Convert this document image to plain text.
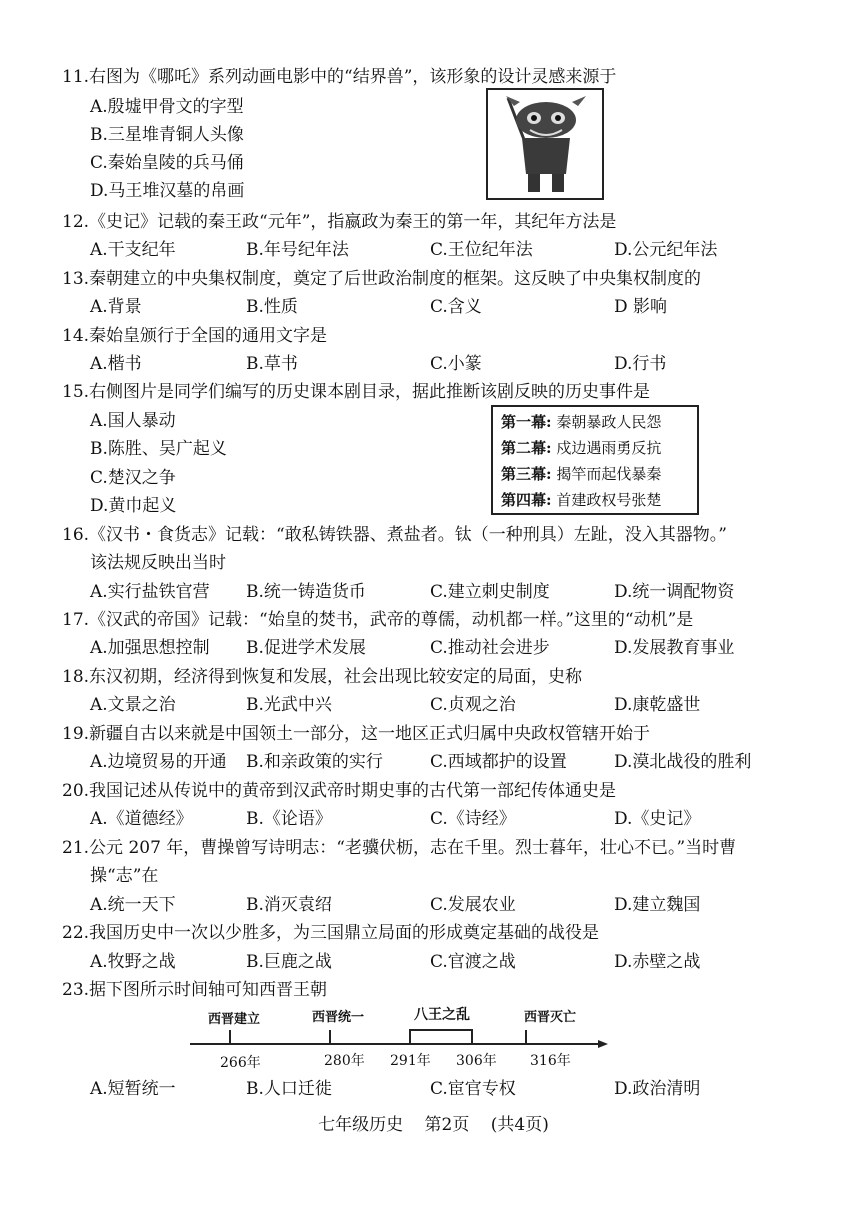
11.右图为《哪吒》系列动画电影中的“结界兽”，该形象的设计灵感来源于
A.殷墟甲骨文的字型
B.三星堆青铜人头像
C.秦始皇陵的兵马俑
D.马王堆汉墓的帛画
12.《史记》记载的秦王政“元年”，指嬴政为秦王的第一年，其纪年方法是
A.干支纪年	B.年号纪年法	C.王位纪年法	D.公元纪年法
13.秦朝建立的中央集权制度，奠定了后世政治制度的框架。这反映了中央集权制度的
A.背景	B.性质	C.含义	D 影响
14.秦始皇颁行于全国的通用文字是
A.楷书	B.草书	C.小篆	D.行书
15.右侧图片是同学们编写的历史课本剧目录，据此推断该剧反映的历史事件是
A.国人暴动
B.陈胜、吴广起义
C.楚汉之争
D.黄巾起义
第一幕: 秦朝暴政人民怨
第二幕: 戍边遇雨勇反抗
第三幕: 揭竿而起伐暴秦
第四幕: 首建政权号张楚
16.《汉书・食货志》记载：“敢私铸铁器、煮盐者。钛（一种刑具）左趾，没入其器物。”
该法规反映出当时
A.实行盐铁官营 B.统一铸造货币	C.建立刺史制度	D.统一调配物资
17.《汉武的帝国》记载：“始皇的焚书，武帝的尊儒，动机都一样。”这里的“动机”是
A.加强思想控制 B.促进学术发展	C.推动社会进步	D.发展教育事业
18.东汉初期，经济得到恢复和发展，社会出现比较安定的局面，史称
A.文景之治	B.光武中兴	C.贞观之治	D.康乾盛世
19.新疆自古以来就是中国领土一部分，这一地区正式归属中央政权管辖开始于
A.边境贸易的开通 B.和亲政策的实行	C.西域都护的设置	D.漠北战役的胜利
20.我国记述从传说中的黄帝到汉武帝时期史事的古代第一部纪传体通史是
A.《道德经》	B.《论语》	C.《诗经》	D.《史记》
21.公元 207 年，曹操曾写诗明志：“老骥伏枥，志在千里。烈士暮年，壮心不已。”当时曹
操“志”在
A.统一天下	B.消灭袁绍	C.发展农业	D.建立魏国
22.我国历史中一次以少胜多，为三国鼎立局面的形成奠定基础的战役是
A.牧野之战	B.巨鹿之战	C.官渡之战	D.赤壁之战
23.据下图所示时间轴可知西晋王朝
西晋建立	西晋统一	八王之乱	西晋灭亡
266年	280年 291年 306年 316年
A.短暂统一	B.人口迁徙	C.宦官专权	D.政治清明
七年级历史 第2页 (共4页)
